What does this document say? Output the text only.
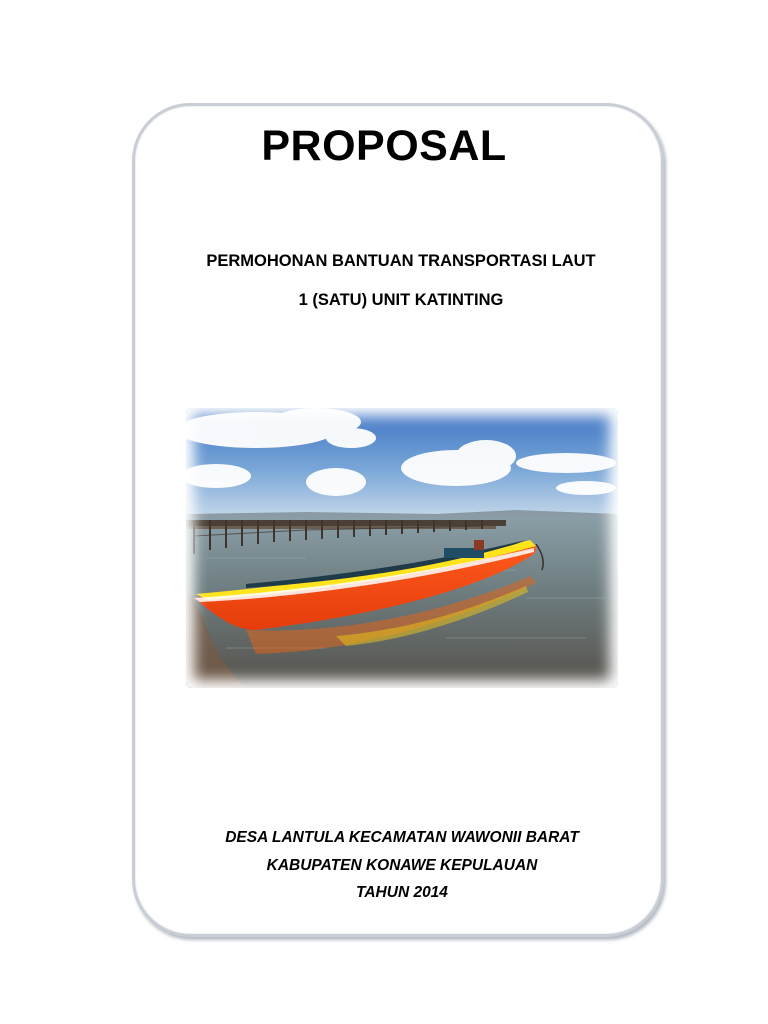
PROPOSAL
PERMOHONAN BANTUAN TRANSPORTASI LAUT
1 (SATU) UNIT KATINTING
DESA LANTULA KECAMATAN WAWONII BARAT
KABUPATEN KONAWE KEPULAUAN
TAHUN 2014
